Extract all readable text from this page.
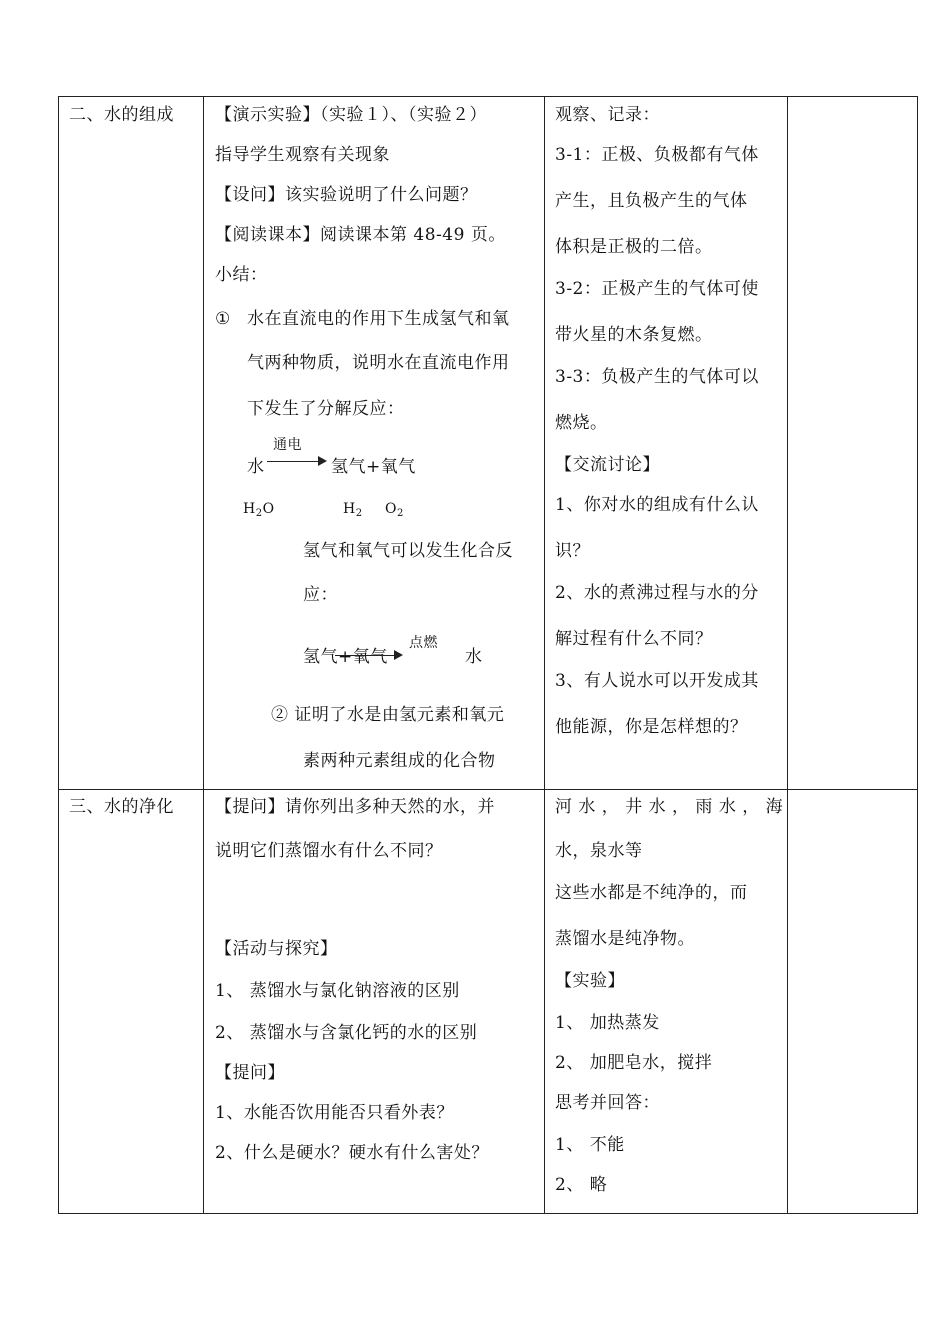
二、水的组成 【演示实验】（实验１）、（实验２）
指导学生观察有关现象
【设问】该实验说明了什么问题？
【阅读课本】阅读课本第 48-49 页。
小结：
① 水在直流电的作用下生成氢气和氧
气两种物质，说明水在直流电作用
下发生了分解反应：
通电
水 → 氢气+氧气
$H_2O$	$H_2$ $O_2$
氢气和氧气可以发生化合反
应：
氢气+氧气
点燃
水
② 证明了水是由氢元素和氧元
素两种元素组成的化合物
观察、记录：
3-1：正极、负极都有气体
产生，且负极产生的气体
体积是正极的二倍。
3-2：正极产生的气体可使
带火星的木条复燃。
3-3：负极产生的气体可以
燃烧。
【交流讨论】
1、你对水的组成有什么认
识？
2、水的煮沸过程与水的分
解过程有什么不同？
3、有人说水可以开发成其
他能源，你是怎样想的？
三、水的净化 【提问】请你列出多种天然的水，并
说明它们蒸馏水有什么不同？
【活动与探究】
1、 蒸馏水与氯化钠溶液的区别
2、 蒸馏水与含氯化钙的水的区别
【提问】
1、水能否饮用能否只看外表？
2、什么是硬水？硬水有什么害处？
河 水 ， 井 水 ， 雨 水 ， 海
水，泉水等
这些水都是不纯净的，而
蒸馏水是纯净物。
【实验】
1、 加热蒸发
2、 加肥皂水，搅拌
思考并回答：
1、 不能
2、 略
